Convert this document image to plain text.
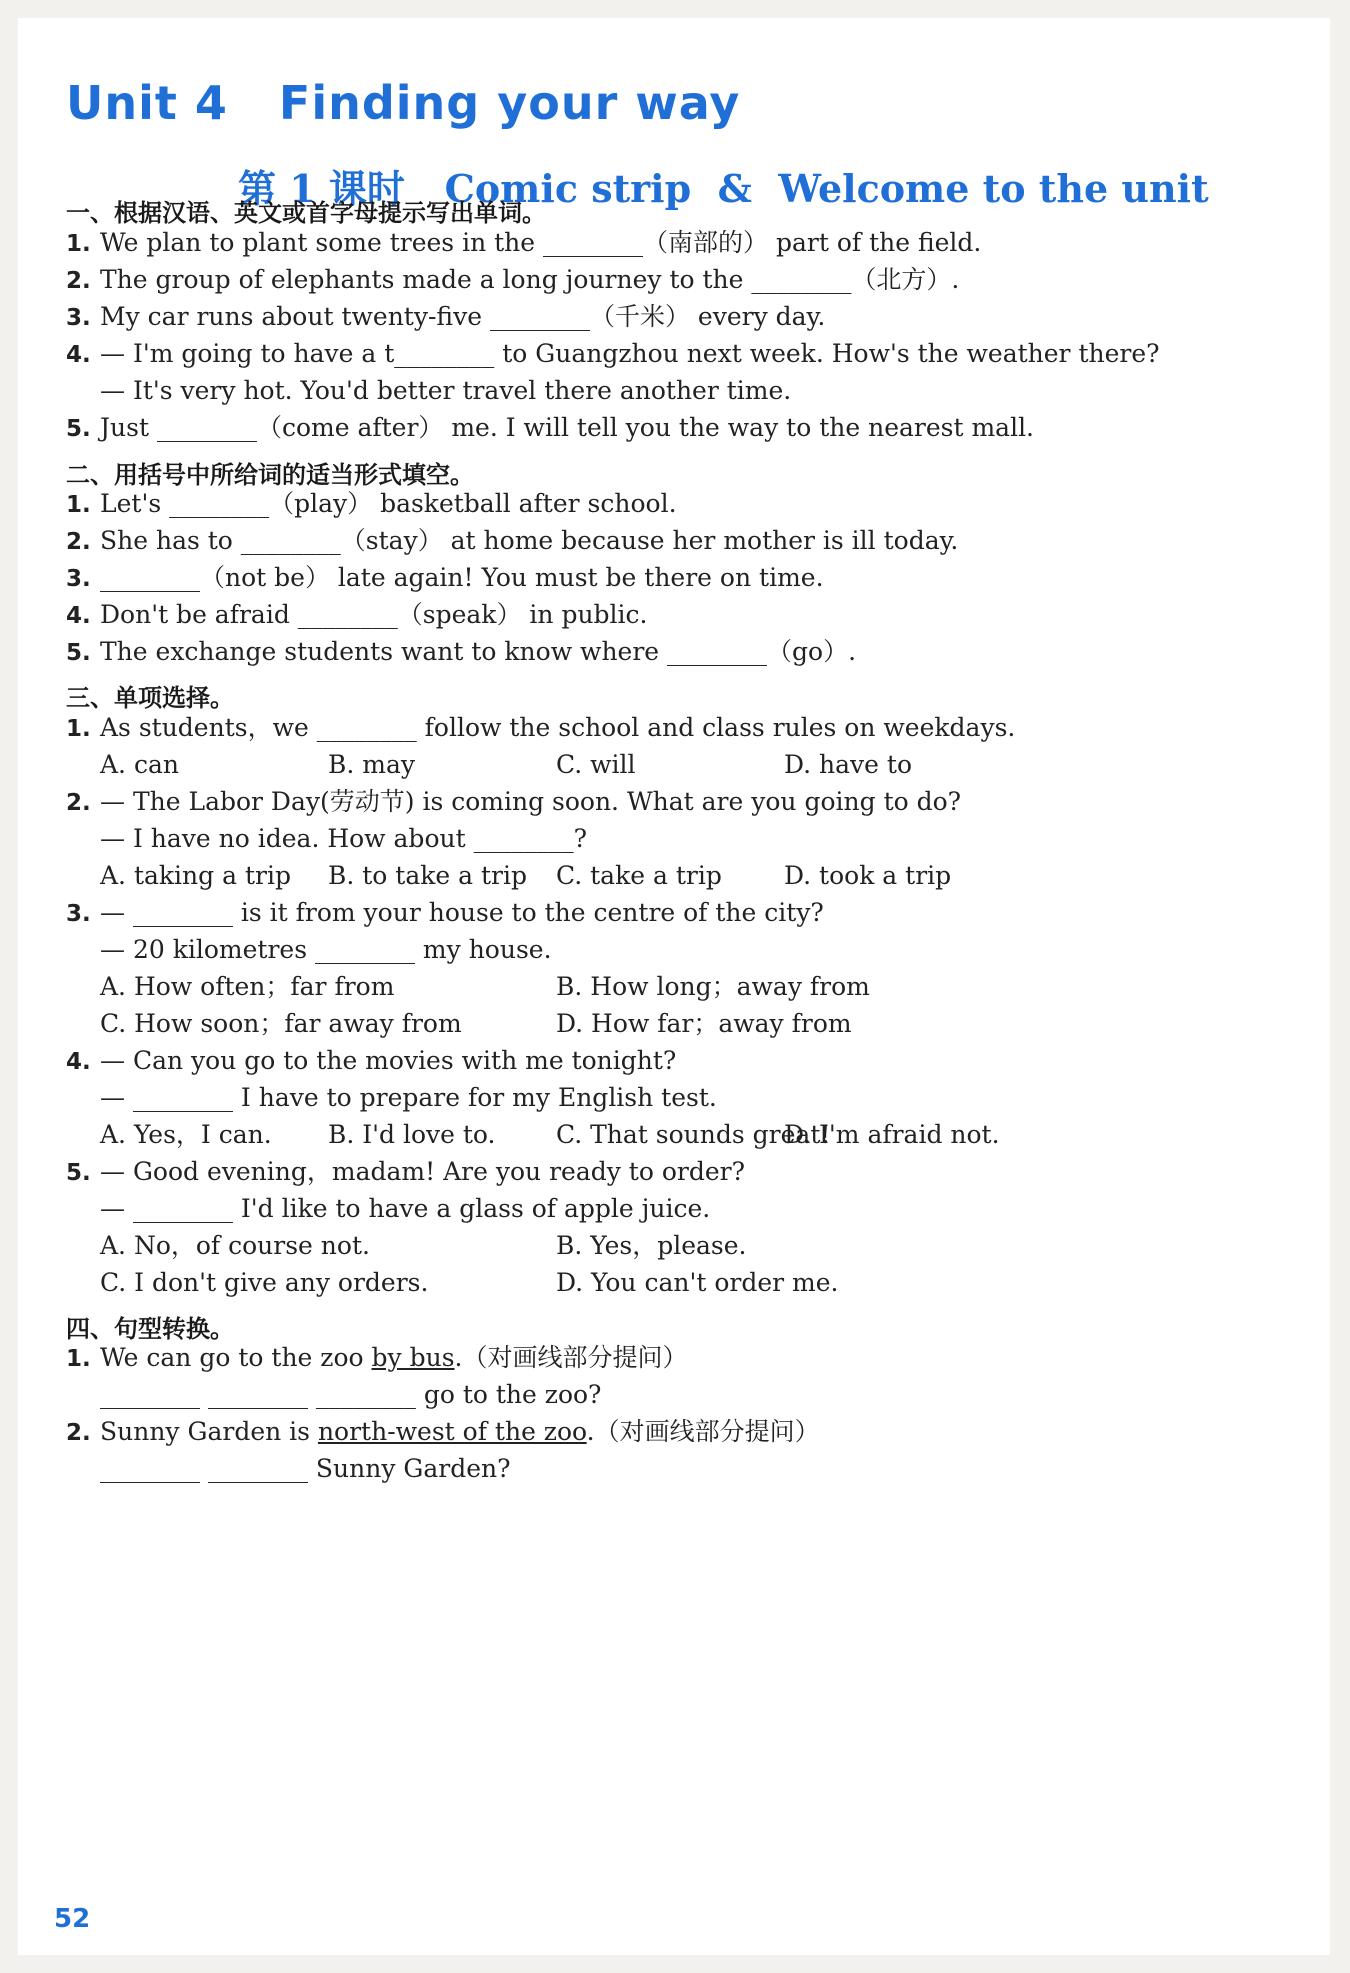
Unit 4   Finding your way
第 1 课时   Comic strip  &  Welcome to the unit
一、根据汉语、英文或首字母提示写出单词。
1. We plan to plant some trees in the ________（南部的） part of the field.
2. The group of elephants made a long journey to the ________（北方）.
3. My car runs about twenty-five ________（千米） every day.
4. — I'm going to have a t________ to Guangzhou next week. How's the weather there?
— It's very hot. You'd better travel there another time.
5. Just ________（come after） me. I will tell you the way to the nearest mall.
二、用括号中所给词的适当形式填空。
1. Let's ________（play） basketball after school.
2. She has to ________（stay） at home because her mother is ill today.
3. ________（not be） late again! You must be there on time.
4. Don't be afraid ________（speak） in public.
5. The exchange students want to know where ________（go）.
三、单项选择。
1. As students，we ________ follow the school and class rules on weekdays.
A. can	B. may	C. will	D. have to
2. — The Labor Day(劳动节) is coming soon. What are you going to do?
— I have no idea. How about ________?
A. taking a trip B. to take a trip C. take a trip D. took a trip
3. — ________ is it from your house to the centre of the city?
— 20 kilometres ________ my house.
A. How often；far from	B. How long；away from
C. How soon；far away from	D. How far；away from
4. — Can you go to the movies with me tonight?
— ________ I have to prepare for my English test.
A. Yes，I can. B. I'd love to. C. That sounds great!
D. I'm afraid not.
5. — Good evening，madam! Are you ready to order?
— ________ I'd like to have a glass of apple juice.
A. No，of course not.	B. Yes，please.
C. I don't give any orders.	D. You can't order me.
四、句型转换。
1. We can go to the zoo by bus.（对画线部分提问）
________ ________ ________ go to the zoo?
2. Sunny Garden is north-west of the zoo.（对画线部分提问）
________ ________ Sunny Garden?
52
